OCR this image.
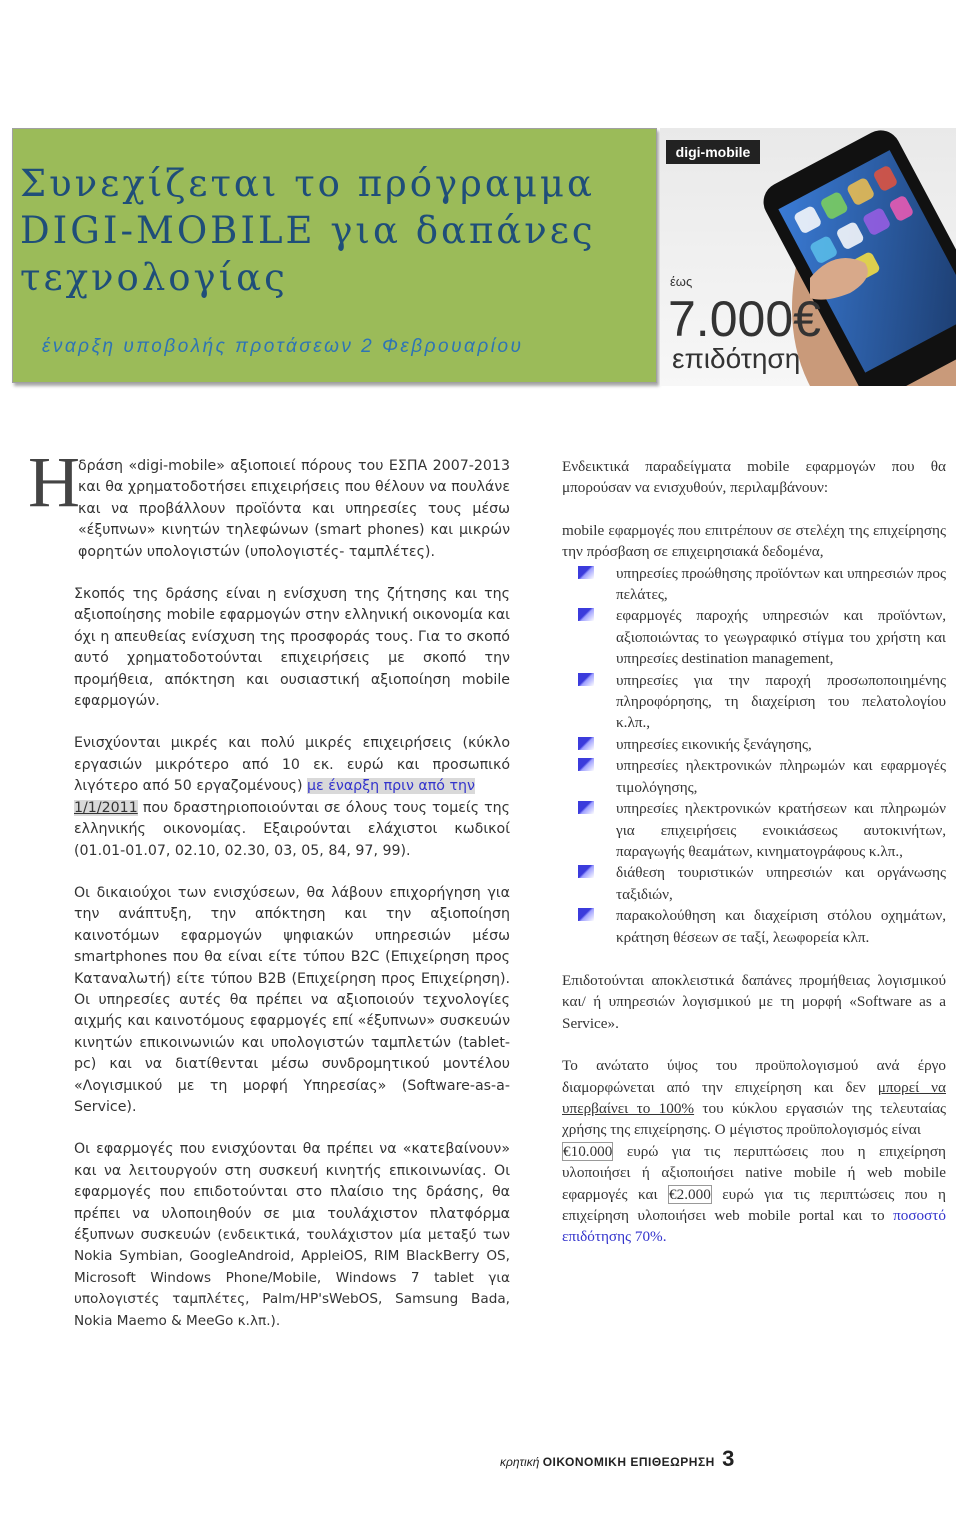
Συνεχίζεται το πρόγραμμα
DIGI-MOBILE για δαπάνες
τεχνολογίας
έναρξη υποβολής προτάσεων 2 Φεβρουαρίου
digi-mobile
έως
7.000€
επιδότηση
Η

δράση «digi-mobile» αξιοποιεί πόρους του ΕΣΠΑ 2007-2013 και θα χρηματοδοτήσει επιχειρήσεις που θέλουν να πουλάνε και να προβάλλουν προϊόντα και υπηρεσίες τους μέσω «έξυπνων» κινητών τηλεφώνων (smart phones) και μικρών φορητών υπολογιστών (υπολογιστές- ταμπλέτες).

Σκοπός της δράσης είναι η ενίσχυση της ζήτησης και της αξιοποίησης mobile εφαρμογών στην ελληνική οικονομία και όχι η απευθείας ενίσχυση της προσφοράς τους. Για το σκοπό αυτό χρηματοδοτούνται επιχειρήσεις με σκοπό την προμήθεια, απόκτηση και ουσιαστική αξιοποίηση mobile εφαρμογών.

Ενισχύονται μικρές και πολύ μικρές επιχειρήσεις (κύκλο εργασιών μικρότερο από 10 εκ. ευρώ και προσωπικό λιγότερο από 50 εργαζομένους) με έναρξη πριν από την
1/1/2011 που δραστηριοποιούνται σε όλους τους τομείς της ελληνικής οικονομίας. Εξαιρούνται ελάχιστοι κωδικοί (01.01-01.07, 02.10, 02.30, 03, 05, 84, 97, 99).

Οι δικαιούχοι των ενισχύσεων, θα λάβουν επιχορήγηση για την ανάπτυξη, την απόκτηση και την αξιοποίηση καινοτόμων εφαρμογών ψηφιακών υπηρεσιών μέσω smartphones που θα είναι είτε τύπου B2C (Επιχείρηση προς Καταναλωτή) είτε τύπου B2B (Επιχείρηση προς Επιχείρηση). Οι υπηρεσίες αυτές θα πρέπει να αξιοποιούν τεχνολογίες αιχμής και καινοτόμους εφαρμογές επί «έξυπνων» συσκευών κινητών επικοινωνιών και υπολογιστών ταμπλετών (tablet-pc) και να διατίθενται μέσω συνδρομητικού μοντέλου «Λογισμικού με τη μορφή Υπηρεσίας» (Software-as-a-Service).

Οι εφαρμογές που ενισχύονται θα πρέπει να «κατεβαίνουν» και να λειτουργούν στη συσκευή κινητής επικοινωνίας. Οι εφαρμογές που επιδοτούνται στο πλαίσιο της δράσης, θα πρέπει να υλοποιηθούν σε μια τουλάχιστον πλατφόρμα έξυπνων συσκευών (ενδεικτικά, τουλάχιστον μία μεταξύ των Nokia Symbian, GoogleAndroid, AppleiOS, RIM BlackBerry OS, Microsoft Windows Phone/Mobile, Windows 7 tablet για υπολογιστές ταμπλέτες, Palm/HP'sWebOS, Samsung Bada, Nokia Maemo & MeeGo κ.λπ.).

Ενδεικτικά παραδείγματα mobile εφαρμογών που θα μπορούσαν να ενισχυθούν, περιλαμβάνουν:

mobile εφαρμογές που επιτρέπουν σε στελέχη της επιχείρησης την πρόσβαση σε επιχειρησιακά δεδομένα,

υπηρεσίες προώθησης προϊόντων και υπηρεσιών προς πελάτες,
εφαρμογές παροχής υπηρεσιών και προϊόντων, αξιοποιώντας το γεωγραφικό στίγμα του χρήστη και υπηρεσίες destination management,
υπηρεσίες για την παροχή προσωποποιημένης πληροφόρησης, τη διαχείριση του πελατολογίου κ.λπ.,
υπηρεσίες εικονικής ξενάγησης,
υπηρεσίες ηλεκτρονικών πληρωμών και εφαρμογές τιμολόγησης,
υπηρεσίες ηλεκτρονικών κρατήσεων και πληρωμών για επιχειρήσεις ενοικιάσεως αυτοκινήτων, παραγωγής θεαμάτων, κινηματογράφους κ.λπ.,
διάθεση τουριστικών υπηρεσιών και οργάνωσης ταξιδιών,
παρακολούθηση και διαχείριση στόλου οχημάτων, κράτηση θέσεων σε ταξί, λεωφορεία κλπ.

Επιδοτούνται αποκλειστικά δαπάνες προμήθειας λογισμικού και/ ή υπηρεσιών λογισμικού με τη μορφή «Software as a Service».

Το ανώτατο ύψος του προϋπολογισμού ανά έργο διαμορφώνεται από την επιχείρηση και δεν μπορεί να υπερβαίνει το 100% του κύκλου εργασιών της τελευταίας χρήσης της επιχείρησης. Ο μέγιστος προϋπολογισμός είναι
€10.000 ευρώ για τις περιπτώσεις που η επιχείρηση υλοποιήσει ή αξιοποιήσει native mobile ή web mobile εφαρμογές και €2.000 ευρώ για τις περιπτώσεις που η επιχείρηση υλοποιήσει web mobile portal και το ποσοστό επιδότησης 70%.

κρητική ΟΙΚΟΝΟΜΙΚΗ ΕΠΙΘΕΩΡΗΣΗ 3
